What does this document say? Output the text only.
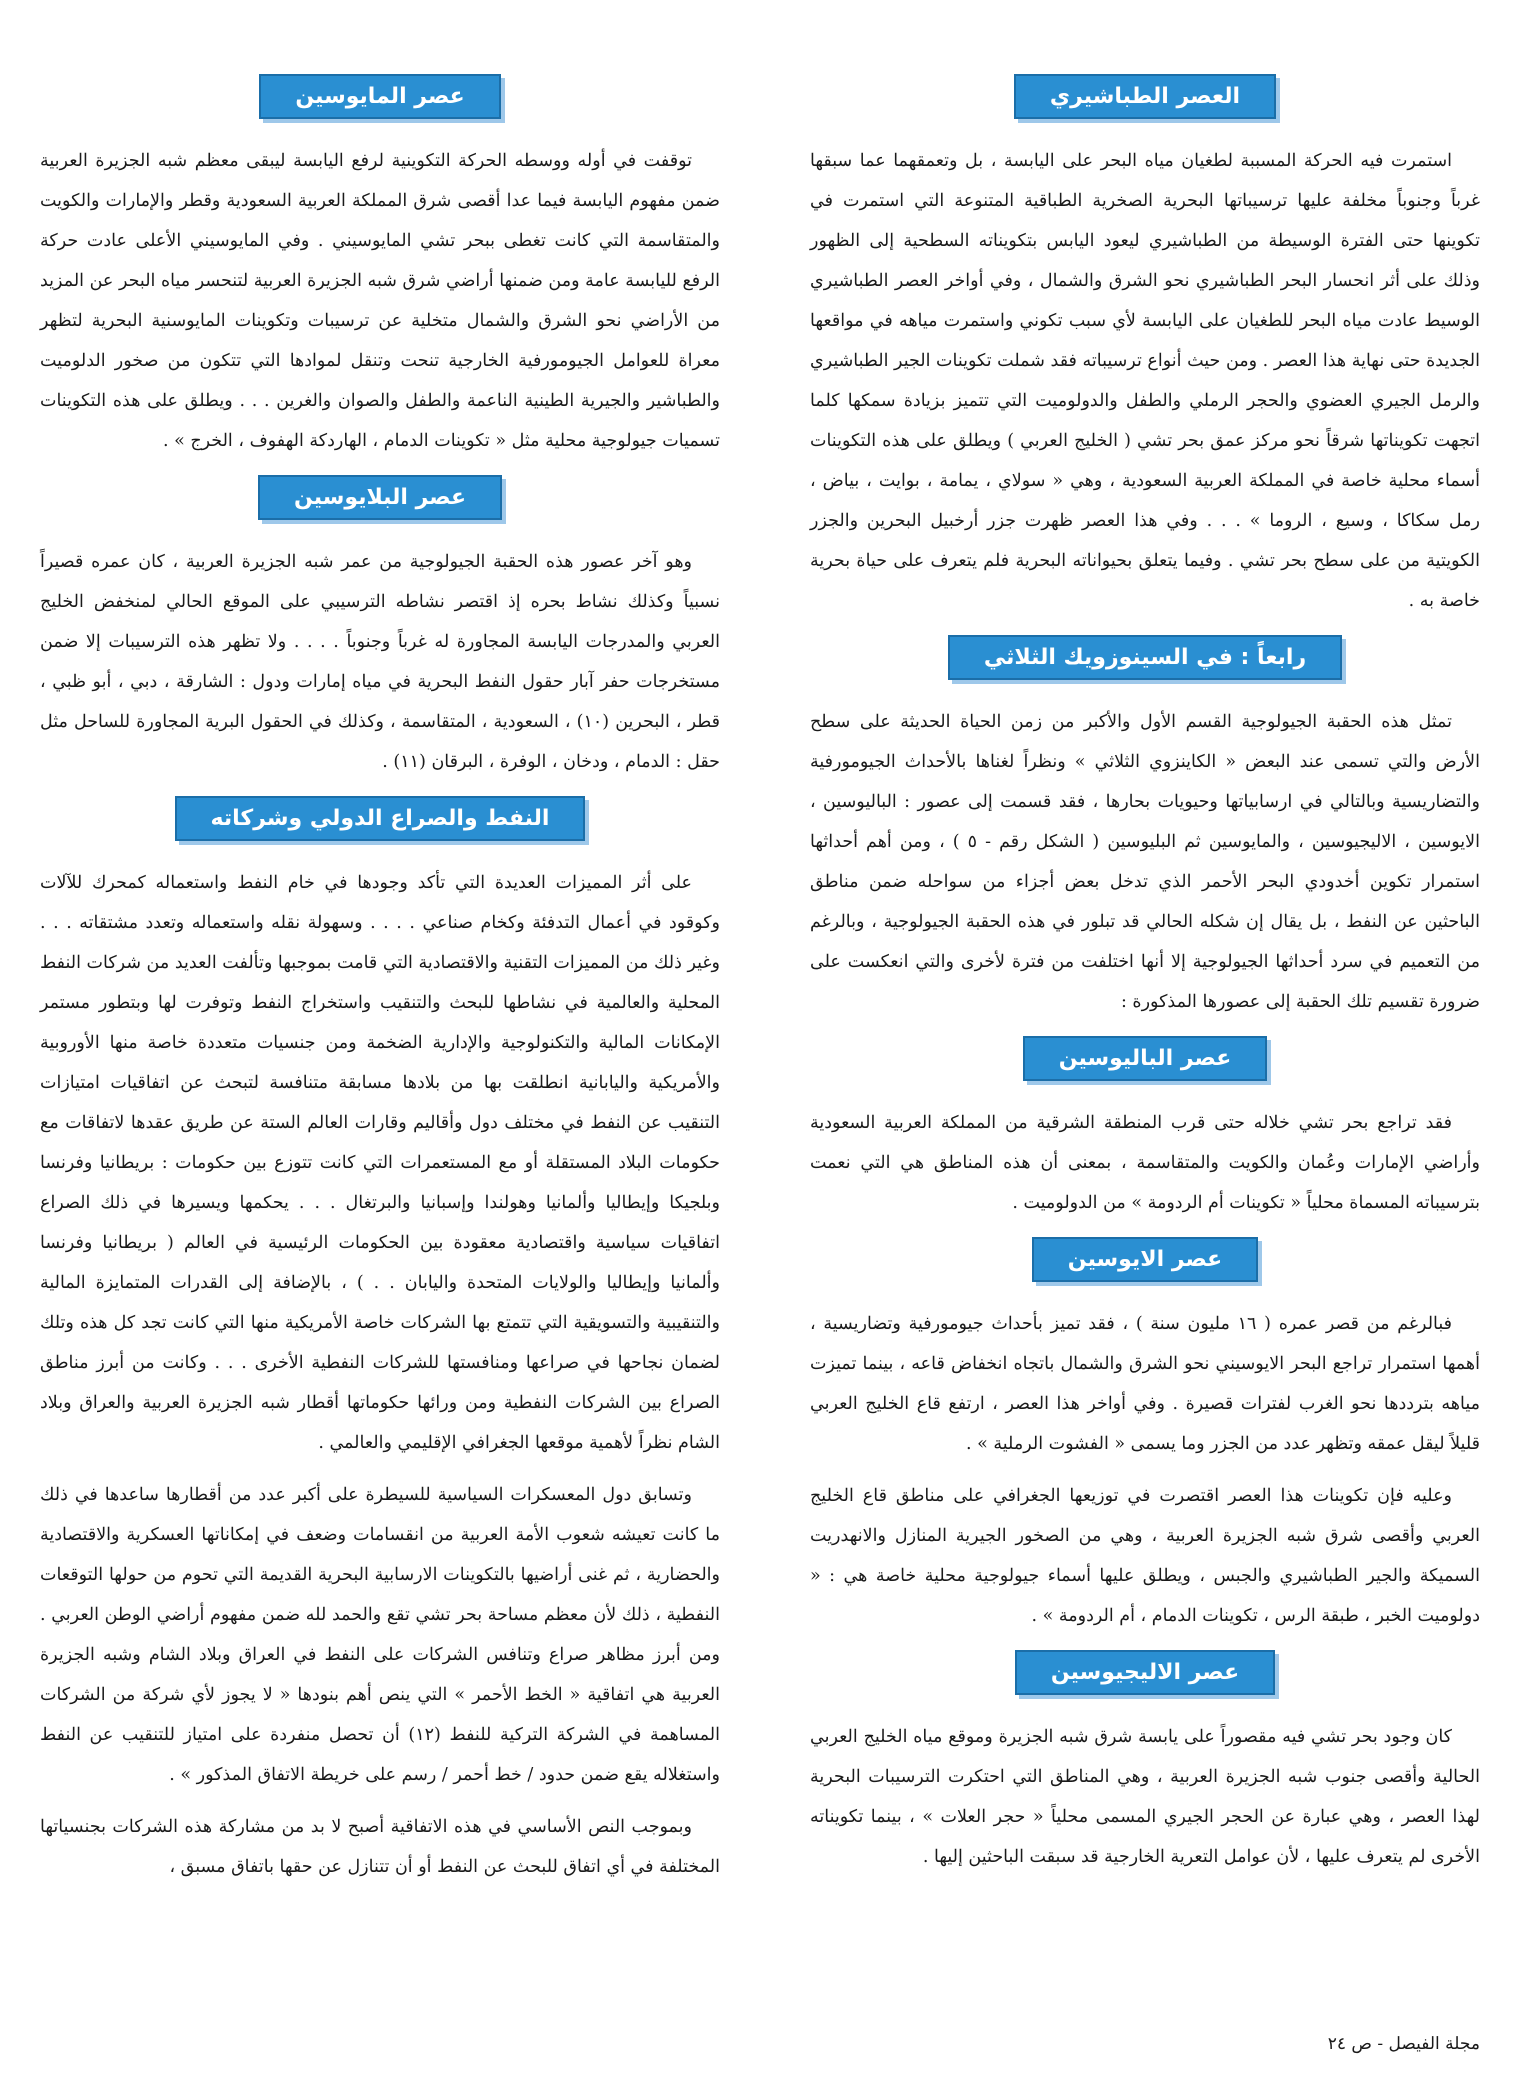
العصر الطباشيري

استمرت فيه الحركة المسببة لطغيان مياه البحر على اليابسة ، بل وتعمقهما عما سبقها غرباً وجنوباً مخلفة عليها ترسيباتها البحرية الصخرية الطباقية المتنوعة التي استمرت في تكوينها حتى الفترة الوسيطة من الطباشيري ليعود اليابس بتكويناته السطحية إلى الظهور وذلك على أثر انحسار البحر الطباشيري نحو الشرق والشمال ، وفي أواخر العصر الطباشيري الوسيط عادت مياه البحر للطغيان على اليابسة لأي سبب تكوني واستمرت مياهه في مواقعها الجديدة حتى نهاية هذا العصر . ومن حيث أنواع ترسيباته فقد شملت تكوينات الجير الطباشيري والرمل الجيري العضوي والحجر الرملي والطفل والدولوميت التي تتميز بزيادة سمكها كلما اتجهت تكويناتها شرقاً نحو مركز عمق بحر تشي ( الخليج العربي ) ويطلق على هذه التكوينات أسماء محلية خاصة في المملكة العربية السعودية ، وهي « سولاي ، يمامة ، بوايت ، بياض ، رمل سكاكا ، وسيع ، الروما » . . . وفي هذا العصر ظهرت جزر أرخبيل البحرين والجزر الكويتية من على سطح بحر تشي . وفيما يتعلق بحيواناته البحرية فلم يتعرف على حياة بحرية خاصة به .

رابعاً : في السينوزويك الثلاثي

تمثل هذه الحقبة الجيولوجية القسم الأول والأكبر من زمن الحياة الحديثة على سطح الأرض والتي تسمى عند البعض « الكاينزوي الثلاثي » ونظراً لغناها بالأحداث الجيومورفية والتضاريسية وبالتالي في ارسابياتها وحيويات بحارها ، فقد قسمت إلى عصور : الباليوسين ، الايوسين ، الاليجيوسين ، والمايوسين ثم البليوسين ( الشكل رقم - ٥ ) ، ومن أهم أحداثها استمرار تكوين أخدودي البحر الأحمر الذي تدخل بعض أجزاء من سواحله ضمن مناطق الباحثين عن النفط ، بل يقال إن شكله الحالي قد تبلور في هذه الحقبة الجيولوجية ، وبالرغم من التعميم في سرد أحداثها الجيولوجية إلا أنها اختلفت من فترة لأخرى والتي انعكست على ضرورة تقسيم تلك الحقبة إلى عصورها المذكورة :

عصر الباليوسين

فقد تراجع بحر تشي خلاله حتى قرب المنطقة الشرقية من المملكة العربية السعودية وأراضي الإمارات وعُمان والكويت والمتقاسمة ، بمعنى أن هذه المناطق هي التي نعمت بترسيباته المسماة محلياً « تكوينات أم الردومة » من الدولوميت .

عصر الايوسين

فبالرغم من قصر عمره ( ١٦ مليون سنة ) ، فقد تميز بأحداث جيومورفية وتضاريسية ، أهمها استمرار تراجع البحر الايوسيني نحو الشرق والشمال باتجاه انخفاض قاعه ، بينما تميزت مياهه بترددها نحو الغرب لفترات قصيرة . وفي أواخر هذا العصر ، ارتفع قاع الخليج العربي قليلاً ليقل عمقه وتظهر عدد من الجزر وما يسمى « الفشوت الرملية » .

وعليه فإن تكوينات هذا العصر اقتصرت في توزيعها الجغرافي على مناطق قاع الخليج العربي وأقصى شرق شبه الجزيرة العربية ، وهي من الصخور الجيرية المنازل والانهدريت السميكة والجير الطباشيري والجبس ، ويطلق عليها أسماء جيولوجية محلية خاصة هي : « دولوميت الخبر ، طبقة الرس ، تكوينات الدمام ، أم الردومة » .

عصر الاليجيوسين

كان وجود بحر تشي فيه مقصوراً على يابسة شرق شبه الجزيرة وموقع مياه الخليج العربي الحالية وأقصى جنوب شبه الجزيرة العربية ، وهي المناطق التي احتكرت الترسيبات البحرية لهذا العصر ، وهي عبارة عن الحجر الجيري المسمى محلياً « حجر العلات » ، بينما تكويناته الأخرى لم يتعرف عليها ، لأن عوامل التعرية الخارجية قد سبقت الباحثين إليها .

عصر المايوسين

توقفت في أوله ووسطه الحركة التكوينية لرفع اليابسة ليبقى معظم شبه الجزيرة العربية ضمن مفهوم اليابسة فيما عدا أقصى شرق المملكة العربية السعودية وقطر والإمارات والكويت والمتقاسمة التي كانت تغطى ببحر تشي المايوسيني . وفي المايوسيني الأعلى عادت حركة الرفع لليابسة عامة ومن ضمنها أراضي شرق شبه الجزيرة العربية لتنحسر مياه البحر عن المزيد من الأراضي نحو الشرق والشمال متخلية عن ترسيبات وتكوينات المايوسنية البحرية لتظهر معراة للعوامل الجيومورفية الخارجية تنحت وتنقل لموادها التي تتكون من صخور الدلوميت والطباشير والجيرية الطينية الناعمة والطفل والصوان والغرين . . . ويطلق على هذه التكوينات تسميات جيولوجية محلية مثل « تكوينات الدمام ، الهاردكة الهفوف ، الخرج » .

عصر البلايوسين

وهو آخر عصور هذه الحقبة الجيولوجية من عمر شبه الجزيرة العربية ، كان عمره قصيراً نسبياً وكذلك نشاط بحره إذ اقتصر نشاطه الترسيبي على الموقع الحالي لمنخفض الخليج العربي والمدرجات اليابسة المجاورة له غرباً وجنوباً . . . . ولا تظهر هذه الترسيبات إلا ضمن مستخرجات حفر آبار حقول النفط البحرية في مياه إمارات ودول : الشارقة ، دبي ، أبو ظبي ، قطر ، البحرين (١٠) ، السعودية ، المتقاسمة ، وكذلك في الحقول البرية المجاورة للساحل مثل حقل : الدمام ، ودخان ، الوفرة ، البرقان (١١) .

النفط والصراع الدولي وشركاته

على أثر المميزات العديدة التي تأكد وجودها في خام النفط واستعماله كمحرك للآلات وكوقود في أعمال التدفئة وكخام صناعي . . . . وسهولة نقله واستعماله وتعدد مشتقاته . . . وغير ذلك من المميزات التقنية والاقتصادية التي قامت بموجبها وتألفت العديد من شركات النفط المحلية والعالمية في نشاطها للبحث والتنقيب واستخراج النفط وتوفرت لها وبتطور مستمر الإمكانات المالية والتكنولوجية والإدارية الضخمة ومن جنسيات متعددة خاصة منها الأوروبية والأمريكية واليابانية انطلقت بها من بلادها مسابقة متنافسة لتبحث عن اتفاقيات امتيازات التنقيب عن النفط في مختلف دول وأقاليم وقارات العالم الستة عن طريق عقدها لاتفاقات مع حكومات البلاد المستقلة أو مع المستعمرات التي كانت تتوزع بين حكومات : بريطانيا وفرنسا وبلجيكا وإيطاليا وألمانيا وهولندا وإسبانيا والبرتغال . . . يحكمها ويسيرها في ذلك الصراع اتفاقيات سياسية واقتصادية معقودة بين الحكومات الرئيسية في العالم ( بريطانيا وفرنسا وألمانيا وإيطاليا والولايات المتحدة واليابان . . ) ، بالإضافة إلى القدرات المتمايزة المالية والتنقيبية والتسويقية التي تتمتع بها الشركات خاصة الأمريكية منها التي كانت تجد كل هذه وتلك لضمان نجاحها في صراعها ومنافستها للشركات النفطية الأخرى . . . وكانت من أبرز مناطق الصراع بين الشركات النفطية ومن ورائها حكوماتها أقطار شبه الجزيرة العربية والعراق وبلاد الشام نظراً لأهمية موقعها الجغرافي الإقليمي والعالمي .

وتسابق دول المعسكرات السياسية للسيطرة على أكبر عدد من أقطارها ساعدها في ذلك ما كانت تعيشه شعوب الأمة العربية من انقسامات وضعف في إمكاناتها العسكرية والاقتصادية والحضارية ، ثم غنى أراضيها بالتكوينات الارسابية البحرية القديمة التي تحوم من حولها التوقعات النفطية ، ذلك لأن معظم مساحة بحر تشي تقع والحمد لله ضمن مفهوم أراضي الوطن العربي . ومن أبرز مظاهر صراع وتنافس الشركات على النفط في العراق وبلاد الشام وشبه الجزيرة العربية هي اتفاقية « الخط الأحمر » التي ينص أهم بنودها « لا يجوز لأي شركة من الشركات المساهمة في الشركة التركية للنفط (١٢) أن تحصل منفردة على امتياز للتنقيب عن النفط واستغلاله يقع ضمن حدود / خط أحمر / رسم على خريطة الاتفاق المذكور » .

وبموجب النص الأساسي في هذه الاتفاقية أصبح لا بد من مشاركة هذه الشركات بجنسياتها المختلفة في أي اتفاق للبحث عن النفط أو أن تتنازل عن حقها باتفاق مسبق ،

مجلة الفيصل - ص ٢٤
